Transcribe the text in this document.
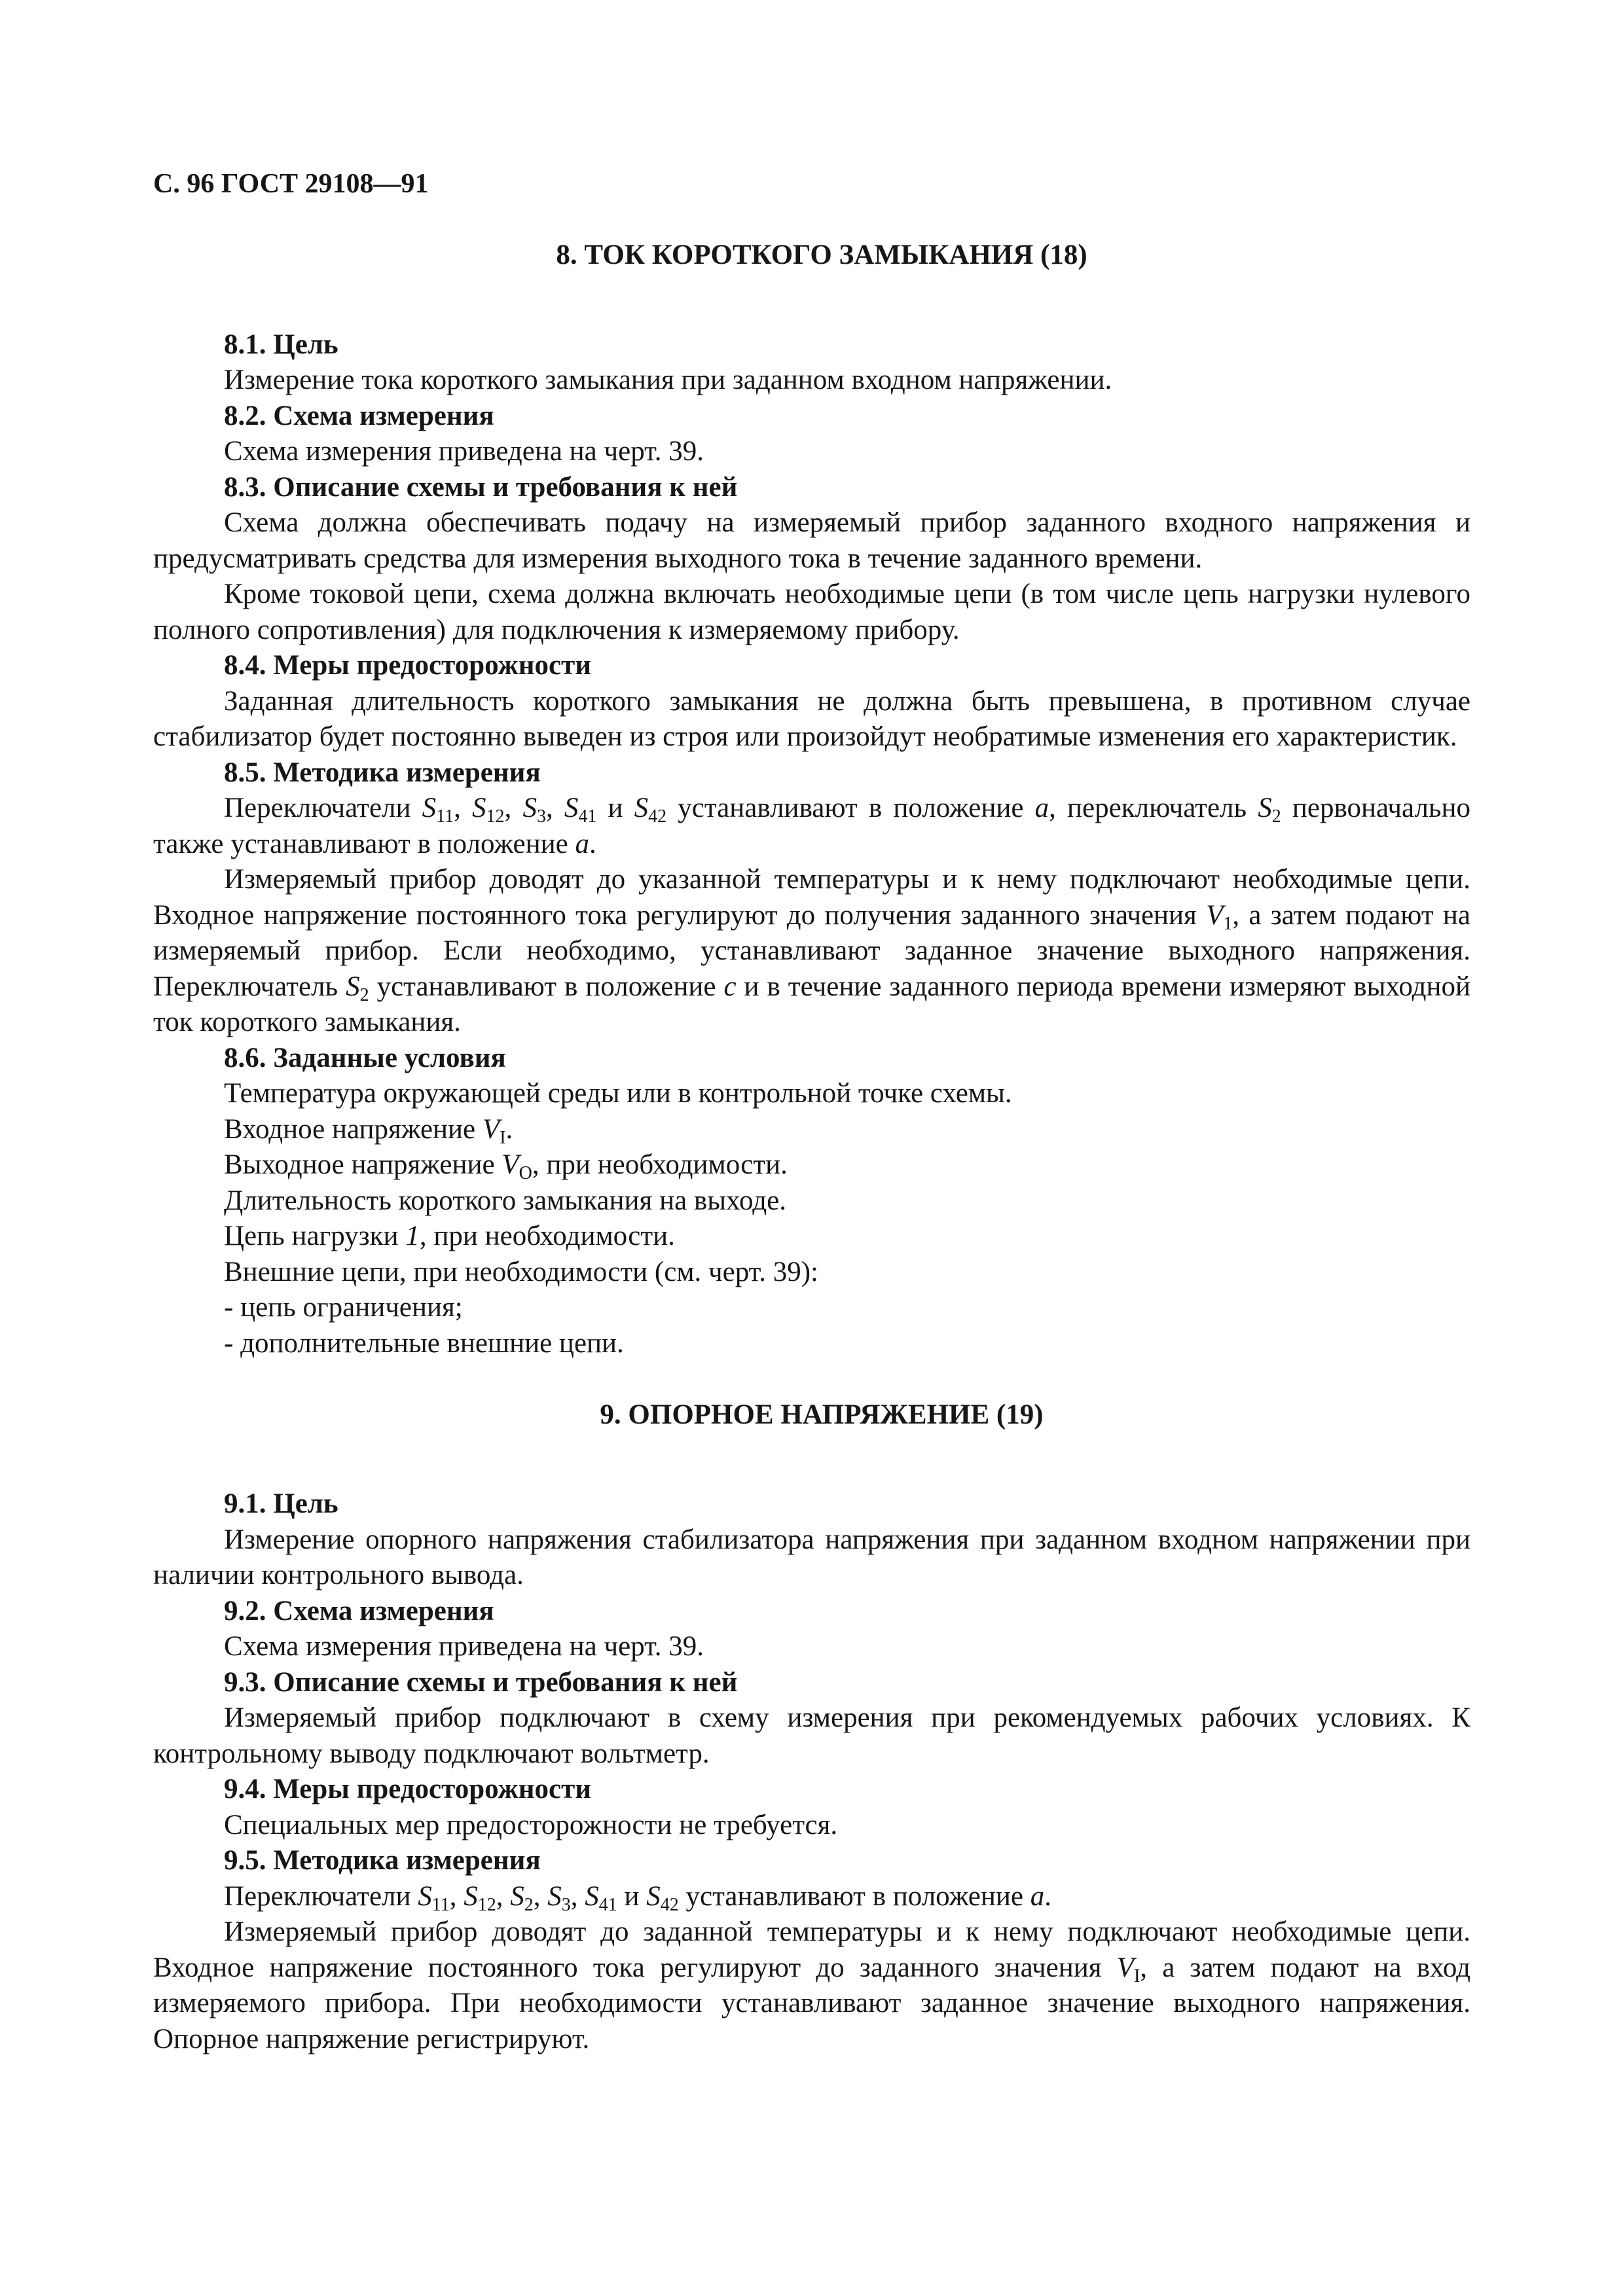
С. 96 ГОСТ 29108—91

8. ТОК КОРОТКОГО ЗАМЫКАНИЯ (18)

8.1. Цель

Измерение тока короткого замыкания при заданном входном напряжении.

8.2. Схема измерения

Схема измерения приведена на черт. 39.

8.3. Описание схемы и требования к ней

Схема должна обеспечивать подачу на измеряемый прибор заданного входного напряжения и предусматривать средства для измерения выходного тока в течение заданного времени.

Кроме токовой цепи, схема должна включать необходимые цепи (в том числе цепь нагрузки нулевого полного сопротивления) для подключения к измеряемому прибору.

8.4. Меры предосторожности

Заданная длительность короткого замыкания не должна быть превышена, в противном случае стабилизатор будет постоянно выведен из строя или произойдут необратимые изменения его характеристик.

8.5. Методика измерения

Переключатели $S_{11}$, $S_{12}$, $S_3$, $S_{41}$ и $S_{42}$ устанавливают в положение a, переключатель $S_2$ первоначально также устанавливают в положение a.

Измеряемый прибор доводят до указанной температуры и к нему подключают необходимые цепи. Входное напряжение постоянного тока регулируют до получения заданного значения $V_1$, а затем подают на измеряемый прибор. Если необходимо, устанавливают заданное значение выходного напряжения. Переключатель $S_2$ устанавливают в положение c и в течение заданного периода времени измеряют выходной ток короткого замыкания.

8.6. Заданные условия

Температура окружающей среды или в контрольной точке схемы.

Входное напряжение $V_I$.

Выходное напряжение $V_O$, при необходимости.

Длительность короткого замыкания на выходе.

Цепь нагрузки 1, при необходимости.

Внешние цепи, при необходимости (см. черт. 39):

- цепь ограничения;

- дополнительные внешние цепи.

9. ОПОРНОЕ НАПРЯЖЕНИЕ (19)

9.1. Цель

Измерение опорного напряжения стабилизатора напряжения при заданном входном напряжении при наличии контрольного вывода.

9.2. Схема измерения

Схема измерения приведена на черт. 39.

9.3. Описание схемы и требования к ней

Измеряемый прибор подключают в схему измерения при рекомендуемых рабочих условиях. К контрольному выводу подключают вольтметр.

9.4. Меры предосторожности

Специальных мер предосторожности не требуется.

9.5. Методика измерения

Переключатели $S_{11}$, $S_{12}$, $S_2$, $S_3$, $S_{41}$ и $S_{42}$ устанавливают в положение a.

Измеряемый прибор доводят до заданной температуры и к нему подключают необходимые цепи. Входное напряжение постоянного тока регулируют до заданного значения $V_I$, а затем подают на вход измеряемого прибора. При необходимости устанавливают заданное значение выходного напряжения. Опорное напряжение регистрируют.
